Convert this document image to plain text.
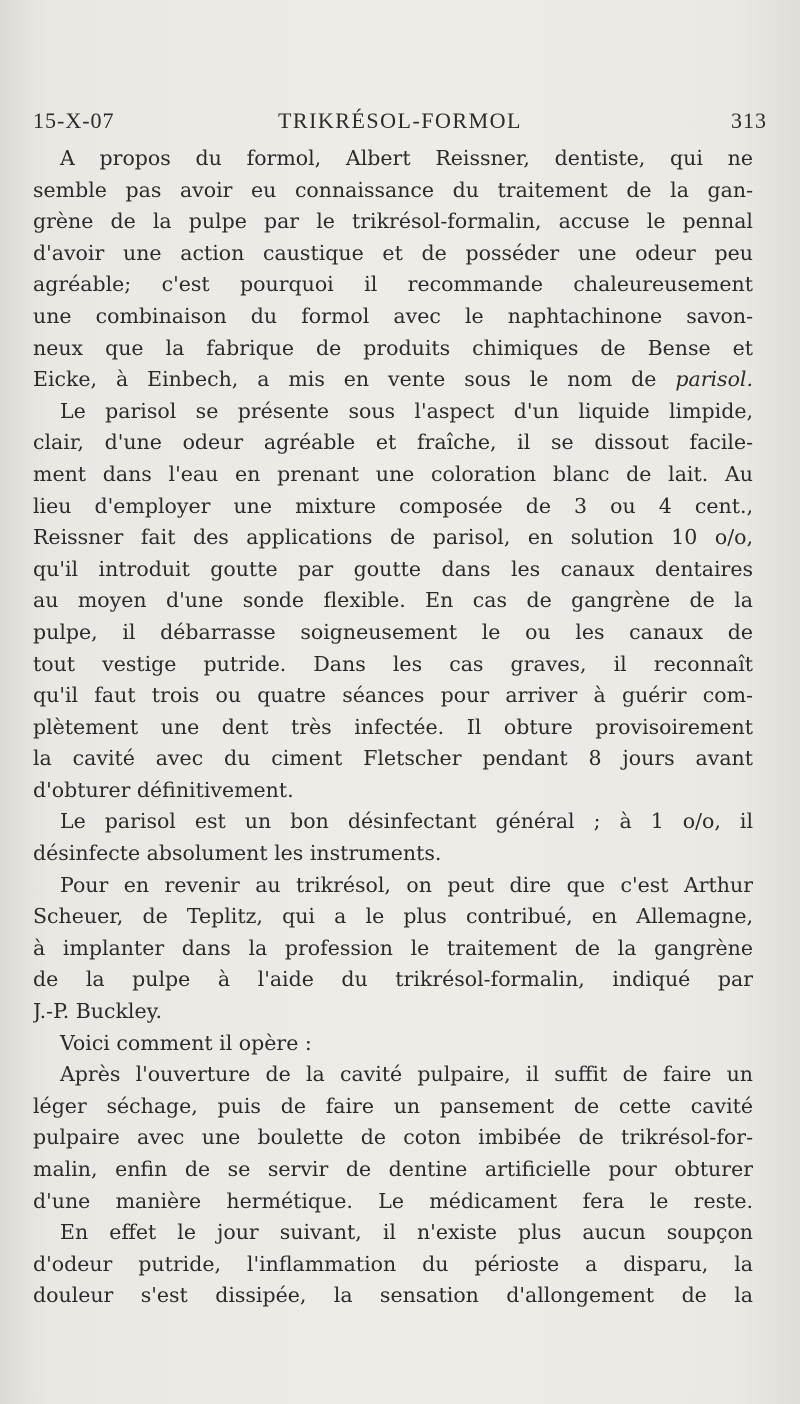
15-X-07	TRIKRÉSOL-FORMOL	313
A propos du formol, Albert Reissner, dentiste, qui ne
semble pas avoir eu connaissance du traitement de la gan-
grène de la pulpe par le trikrésol-formalin, accuse le pennal
d'avoir une action caustique et de posséder une odeur peu
agréable; c'est pourquoi il recommande chaleureusement
une combinaison du formol avec le naphtachinone savon-
neux que la fabrique de produits chimiques de Bense et
Eicke, à Einbech, a mis en vente sous le nom de parisol.
Le parisol se présente sous l'aspect d'un liquide limpide,
clair, d'une odeur agréable et fraîche, il se dissout facile-
ment dans l'eau en prenant une coloration blanc de lait. Au
lieu d'employer une mixture composée de 3 ou 4 cent.,
Reissner fait des applications de parisol, en solution 10 o/o,
qu'il introduit goutte par goutte dans les canaux dentaires
au moyen d'une sonde flexible. En cas de gangrène de la
pulpe, il débarrasse soigneusement le ou les canaux de
tout vestige putride. Dans les cas graves, il reconnaît
qu'il faut trois ou quatre séances pour arriver à guérir com-
plètement une dent très infectée. Il obture provisoirement
la cavité avec du ciment Fletscher pendant 8 jours avant
d'obturer définitivement.
Le parisol est un bon désinfectant général ; à 1 o/o, il
désinfecte absolument les instruments.
Pour en revenir au trikrésol, on peut dire que c'est Arthur
Scheuer, de Teplitz, qui a le plus contribué, en Allemagne,
à implanter dans la profession le traitement de la gangrène
de la pulpe à l'aide du trikrésol-formalin, indiqué par
J.-P. Buckley.
Voici comment il opère :
Après l'ouverture de la cavité pulpaire, il suffit de faire un
léger séchage, puis de faire un pansement de cette cavité
pulpaire avec une boulette de coton imbibée de trikrésol-for-
malin, enfin de se servir de dentine artificielle pour obturer
d'une manière hermétique. Le médicament fera le reste.
En effet le jour suivant, il n'existe plus aucun soupçon
d'odeur putride, l'inflammation du périoste a disparu, la
douleur s'est dissipée, la sensation d'allongement de la
